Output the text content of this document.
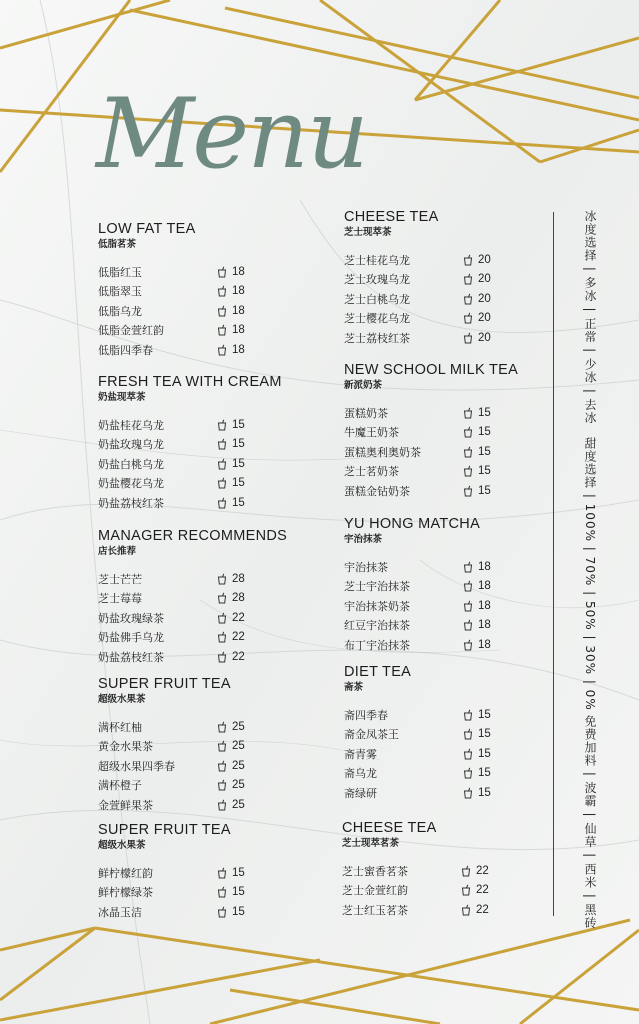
Menu
LOW FAT TEA
低脂茗茶
低脂红玉	18
低脂翠玉	18
低脂乌龙	18
低脂金萱红韵	18
低脂四季春	18
FRESH TEA WITH CREAM
奶盐现萃茶
奶盐桂花乌龙	15
奶盐玫瑰乌龙	15
奶盐白桃乌龙	15
奶盐樱花乌龙	15
奶盐荔枝红茶	15
MANAGER RECOMMENDS
店长推荐
芝士芒芒	28
芝士莓莓	28
奶盐玫瑰绿茶	22
奶盐佛手乌龙	22
奶盐荔枝红茶	22
SUPER FRUIT TEA
超级水果茶
满杯红柚	25
黄金水果茶	25
超级水果四季春	25
满杯橙子	25
金萱鲜果茶	25
SUPER FRUIT TEA
超级水果茶
鲜柠檬红韵	15
鲜柠檬绿茶	15
冰晶玉洁	15
CHEESE TEA
芝士现萃茶
芝士桂花乌龙	20
芝士玫瑰乌龙	20
芝士白桃乌龙	20
芝士樱花乌龙	20
芝士荔枝红茶	20
NEW SCHOOL MILK TEA
新派奶茶
蛋糕奶茶	15
牛魔王奶茶	15
蛋糕奥利奥奶茶	15
芝士茗奶茶	15
蛋糕金钻奶茶	15
YU HONG MATCHA
宇治抹茶
宇治抹茶	18
芝士宇治抹茶	18
宇治抹茶奶茶	18
红豆宇治抹茶	18
布丁宇治抹茶	18
DIET TEA
斋茶
斋四季春	15
斋金凤茶王	15
斋青雾	15
斋乌龙	15
斋绿研	15
CHEESE TEA
芝士现萃茗茶
芝士蜜香茗茶	22
芝士金萱红韵	22
芝士红玉茗茶	22
冰度选择 | 多冰 | 正常 | 少冰 | 去冰
甜度选择 | 100% | 70% | 50% | 30% | 0%
免费加料 | 波霸 | 仙草 | 西米 | 黑砖
